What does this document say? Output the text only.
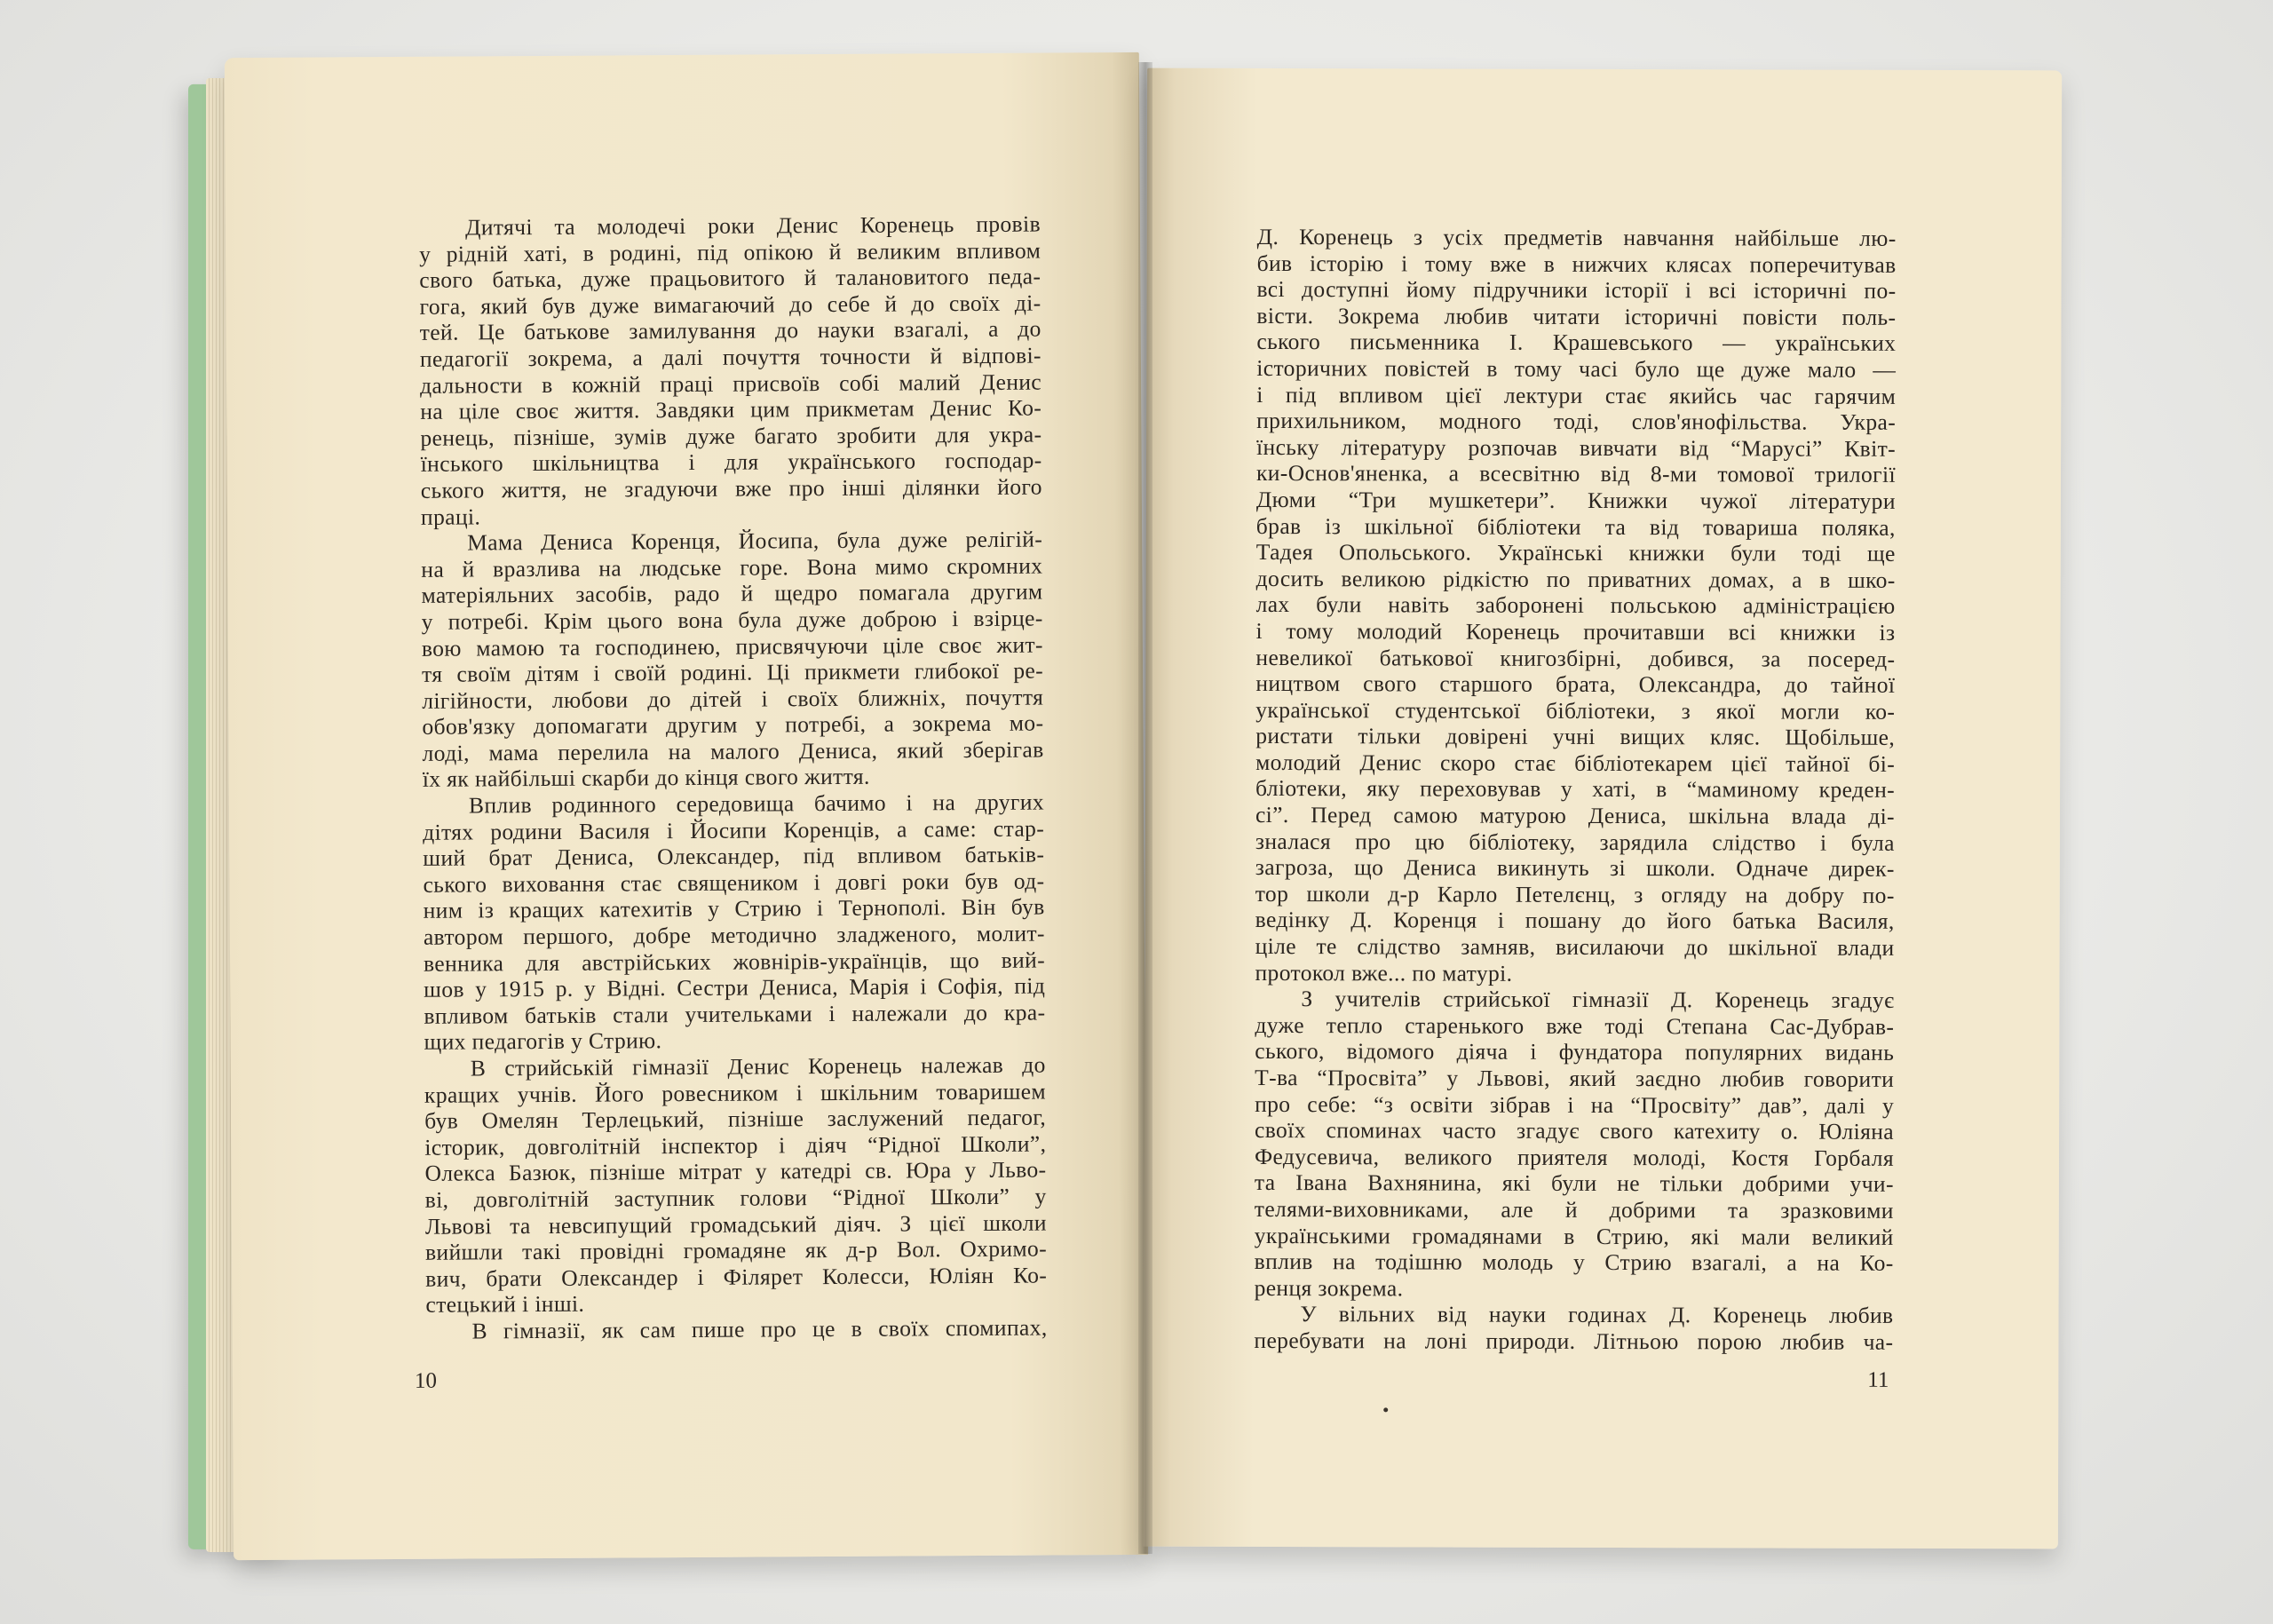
Дитячі та молодечі роки Денис Коренець провів
у рідній хаті, в родині, під опікою й великим впливом
свого батька, дуже працьовитого й талановитого педа-
гога, який був дуже вимагаючий до себе й до своїх ді-
тей. Це батькове замилування до науки взагалі, а до
педагогії зокрема, а далі почуття точности й відпові-
дальности в кожній праці присвоїв собі малий Денис
на ціле своє життя. Завдяки цим прикметам Денис Ко-
ренець, пізніше, зумів дуже багато зробити для укра-
їнського шкільництва і для українського господар-
ського життя, не згадуючи вже про інші ділянки його
праці.
Мама Дениса Коренця, Йосипа, була дуже релігій-
на й вразлива на людське горе. Вона мимо скромних
матеріяльних засобів, радо й щедро помагала другим
у потребі. Крім цього вона була дуже доброю і взірце-
вою мамою та господинею, присвячуючи ціле своє жит-
тя своїм дітям і своїй родині. Ці прикмети глибокої ре-
лігійности, любови до дітей і своїх ближніх, почуття
обов'язку допомагати другим у потребі, а зокрема мо-
лоді, мама перелила на малого Дениса, який зберігав
їх як найбільші скарби до кінця свого життя.
Вплив родинного середовища бачимо і на других
дітях родини Василя і Йосипи Коренців, а саме: стар-
ший брат Дениса, Олександер, під впливом батьків-
ського виховання стає священиком і довгі роки був од-
ним із кращих катехитів у Стрию і Тернополі. Він був
автором першого, добре методично зладженого, молит-
венника для австрійських жовнірів-українців, що вий-
шов у 1915 р. у Відні. Сестри Дениса, Марія і Софія, під
впливом батьків стали учительками і належали до кра-
щих педагогів у Стрию.
В стрийській гімназії Денис Коренець належав до
кращих учнів. Його ровесником і шкільним товаришем
був Омелян Терлецький, пізніше заслужений педагог,
історик, довголітній інспектор і діяч “Рідної Школи”,
Олекса Базюк, пізніше мітрат у катедрі св. Юра у Льво-
ві, довголітній заступник голови “Рідної Школи” у
Львові та невсипущий громадський діяч. З цієї школи
вийшли такі провідні громадяне як д-р Вол. Охримо-
вич, брати Олександер і Філярет Колесси, Юліян Ко-
стецький і інші.
В гімназії, як сам пише про це в своїх спомипах,
10
Д. Коренець з усіх предметів навчання найбільше лю-
бив історію і тому вже в нижчих клясах поперечитував
всі доступні йому підручники історії і всі історичні по-
вісти. Зокрема любив читати історичні повісти поль-
ського письменника І. Крашевського — українських
історичних повістей в тому часі було ще дуже мало —
і під впливом цієї лектури стає якийсь час гарячим
прихильником, модного тоді, слов'янофільства. Укра-
їнську літературу розпочав вивчати від “Марусі” Квіт-
ки-Основ'яненка, а всесвітню від 8-ми томової трилогії
Дюми “Три мушкетери”. Книжки чужої літератури
брав із шкільної бібліотеки та від товариша поляка,
Тадея Опольського. Українські книжки були тоді ще
досить великою рідкістю по приватних домах, а в шко-
лах були навіть заборонені польською адміністрацією
і тому молодий Коренець прочитавши всі книжки із
невеликої батькової книгозбірні, добився, за посеред-
ництвом свого старшого брата, Олександра, до тайної
української студентської бібліотеки, з якої могли ко-
ристати тільки довірені учні вищих кляс. Щобільше,
молодий Денис скоро стає бібліотекарем цієї тайної бі-
бліотеки, яку переховував у хаті, в “маминому креден-
сі”. Перед самою матурою Дениса, шкільна влада ді-
зналася про цю бібліотеку, зарядила слідство і була
загроза, що Дениса викинуть зі школи. Одначе дирек-
тор школи д-р Карло Петелєнц, з огляду на добру по-
ведінку Д. Коренця і пошану до його батька Василя,
ціле те слідство замняв, висилаючи до шкільної влади
протокол вже... по матурі.
З учителів стрийської гімназії Д. Коренець згадує
дуже тепло старенького вже тоді Степана Сас-Дубрав-
ського, відомого діяча і фундатора популярних видань
Т-ва “Просвіта” у Львові, який заєдно любив говорити
про себе: “з освіти зібрав і на “Просвіту” дав”, далі у
своїх споминах часто згадує свого катехиту о. Юліяна
Федусевича, великого приятеля молоді, Костя Горбаля
та Івана Вахнянина, які були не тільки добрими учи-
телями-виховниками, але й добрими та зразковими
українськими громадянами в Стрию, які мали великий
вплив на тодішню молодь у Стрию взагалі, а на Ко-
ренця зокрема.
У вільних від науки годинах Д. Коренець любив
перебувати на лоні природи. Літньою порою любив ча-
11
